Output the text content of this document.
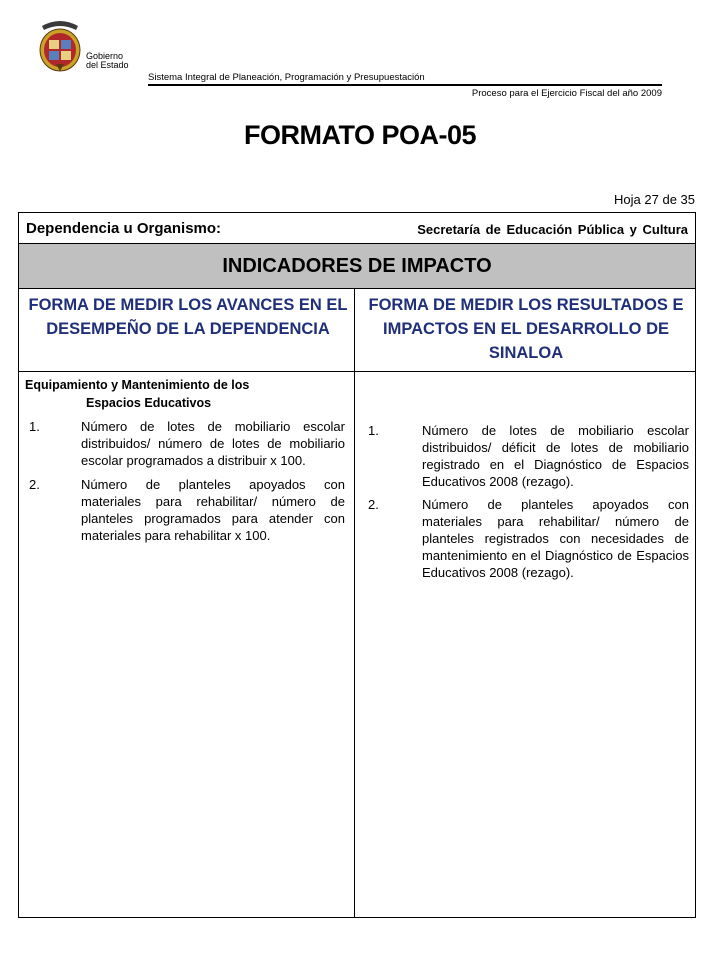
Gobierno
del Estado
Sistema Integral de Planeación, Programación y Presupuestación
Proceso para el Ejercicio Fiscal del año 2009
FORMATO POA-05
Hoja 27 de 35
Dependencia u Organismo:	Secretaría de Educación Pública y Cultura
INDICADORES DE IMPACTO
FORMA DE MEDIR LOS AVANCES EN EL DESEMPEÑO DE LA DEPENDENCIA
FORMA DE MEDIR LOS RESULTADOS E IMPACTOS EN EL DESARROLLO DE SINALOA
Equipamiento y Mantenimiento de los
Espacios Educativos
1.	Número de lotes de mobiliario escolar distribuidos/ número de lotes de mobiliario escolar programados a distribuir x 100.
2.	Número de planteles apoyados con materiales para rehabilitar/ número de planteles programados para atender con materiales para rehabilitar x 100.
1.	Número de lotes de mobiliario escolar distribuidos/ déficit de lotes de mobiliario registrado en el Diagnóstico de Espacios Educativos 2008 (rezago).
2.	Número de planteles apoyados con materiales para rehabilitar/ número de planteles registrados con necesidades de mantenimiento en el Diagnóstico de Espacios Educativos 2008 (rezago).
